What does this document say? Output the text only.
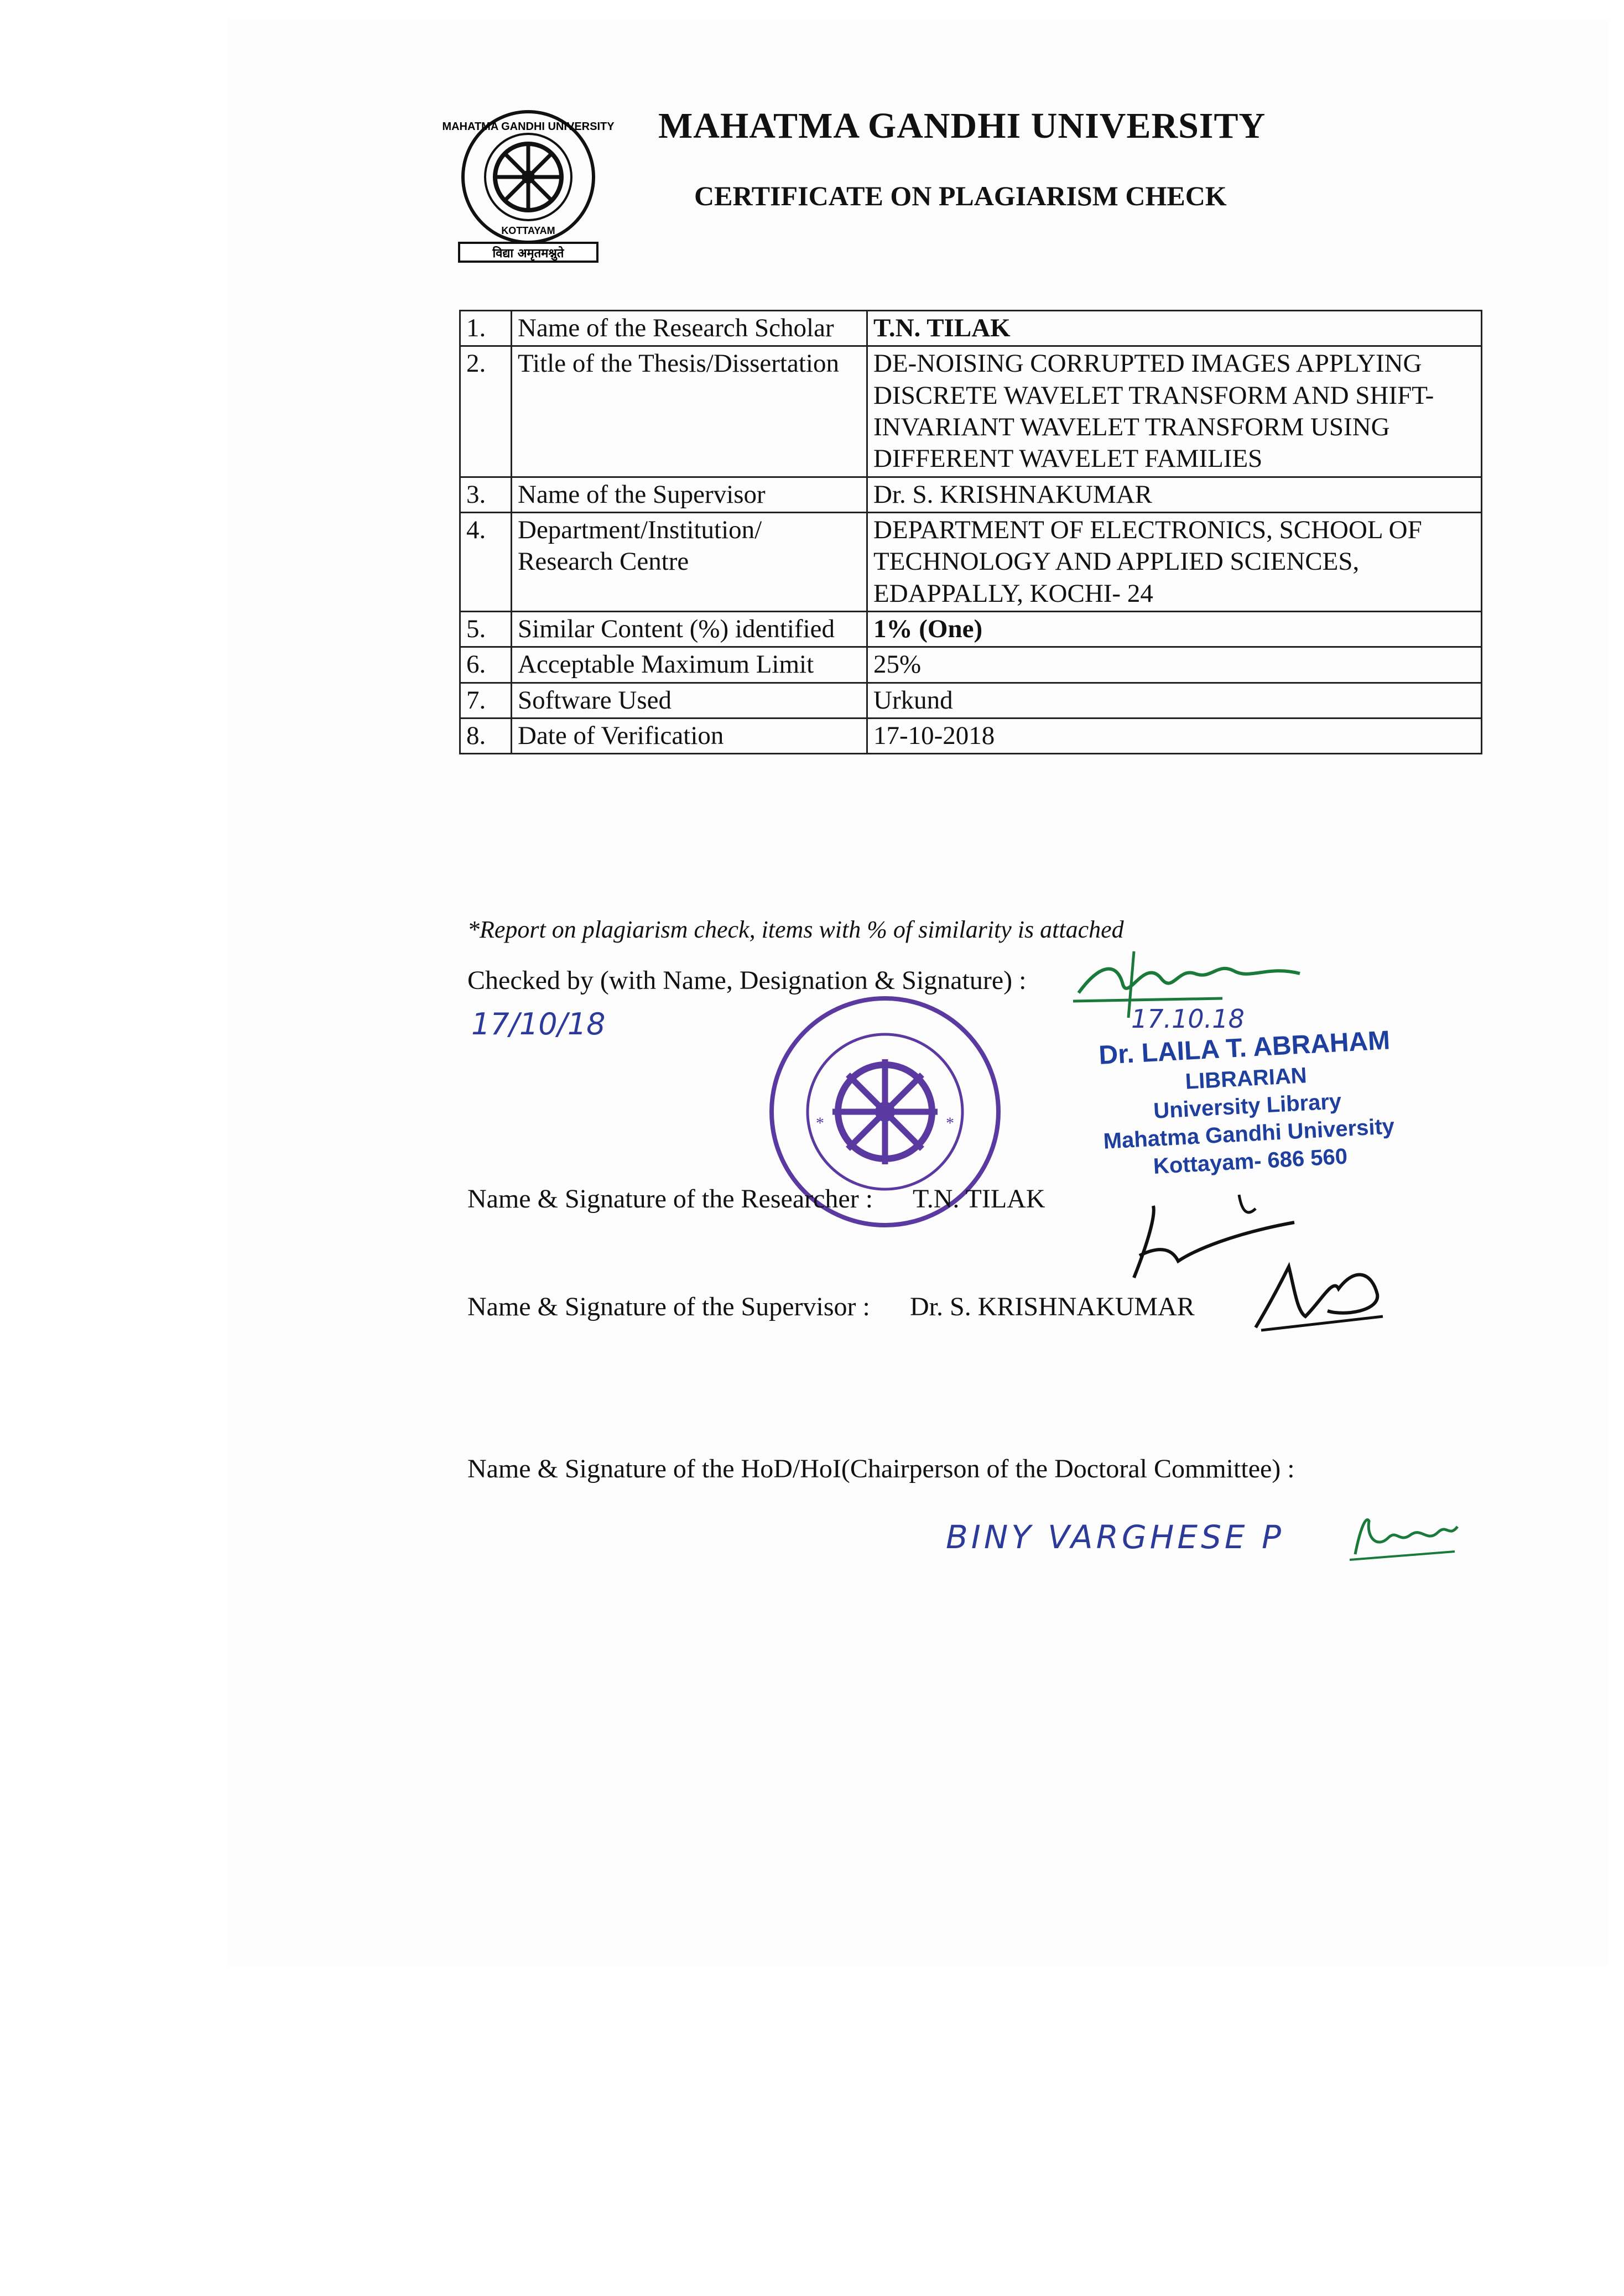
MAHATMA GANDHI UNIVERSITY
KOTTAYAM
विद्या अमृतमश्नुते
MAHATMA GANDHI UNIVERSITY
CERTIFICATE ON PLAGIARISM CHECK
1.	Name of the Research Scholar	T.N. TILAK
2.	Title of the Thesis/Dissertation	DE-NOISING CORRUPTED IMAGES APPLYING DISCRETE WAVELET TRANSFORM AND SHIFT-INVARIANT WAVELET TRANSFORM USING DIFFERENT WAVELET FAMILIES
3.	Name of the Supervisor	Dr. S. KRISHNAKUMAR
4.	Department/Institution/ Research Centre	DEPARTMENT OF ELECTRONICS, SCHOOL OF TECHNOLOGY AND APPLIED SCIENCES, EDAPPALLY, KOCHI- 24
5.	Similar Content (%) identified	1% (One)
6.	Acceptable Maximum Limit	25%
7.	Software Used	Urkund
8.	Date of Verification	17-10-2018
*Report on plagiarism check, items with % of similarity is attached
Checked by (with Name, Designation & Signature) :
17/10/18	17.10.18
*	*
Dr. LAILA T. ABRAHAM
LIBRARIAN
University Library
Mahatma Gandhi University
Kottayam- 686 560
Name & Signature of the Researcher : T.N. TILAK
Name & Signature of the Supervisor : Dr. S. KRISHNAKUMAR
Name & Signature of the HoD/HoI(Chairperson of the Doctoral Committee) :
BINY VARGHESE P
